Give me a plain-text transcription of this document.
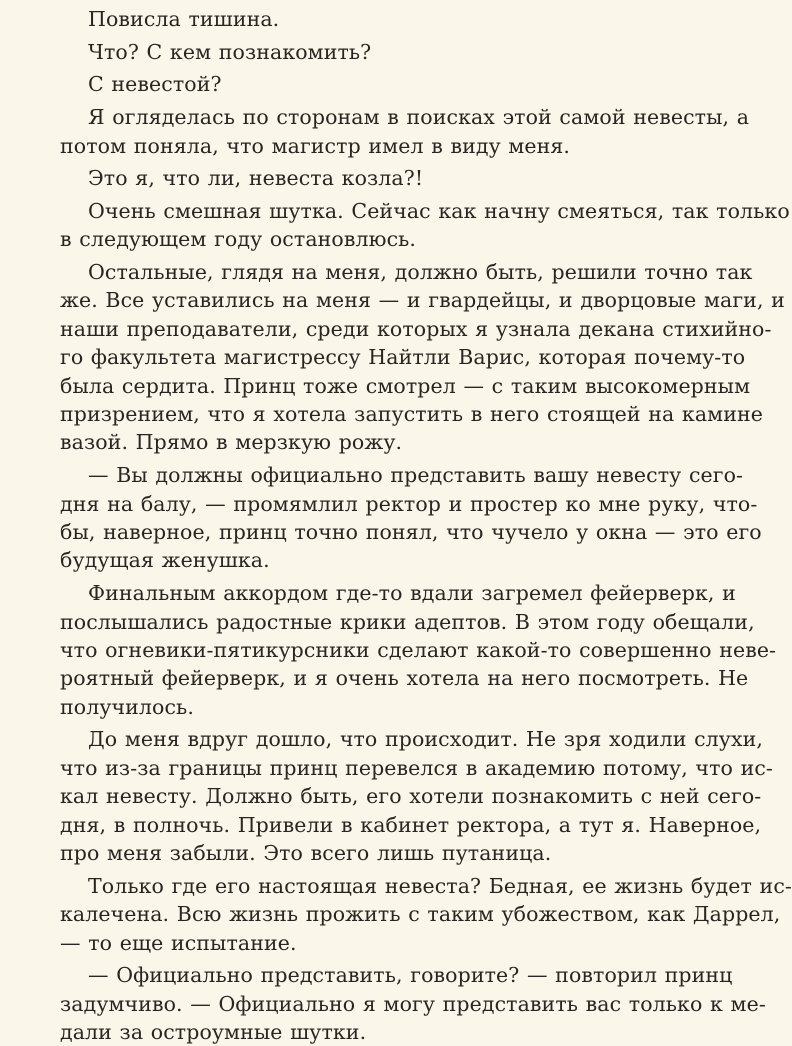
Повисла тишина.
Что? С кем познакомить?
С невестой?
Я огляделась по сторонам в поисках этой самой невесты, а
потом поняла, что магистр имел в виду меня.
Это я, что ли, невеста козла?!
Очень смешная шутка. Сейчас как начну смеяться, так только
в следующем году остановлюсь.
Остальные, глядя на меня, должно быть, решили точно так
же. Все уставились на меня — и гвардейцы, и дворцовые маги, и
наши преподаватели, среди которых я узнала декана стихийно-
го факультета магистрессу Найтли Варис, которая почему-то
была сердита. Принц тоже смотрел — с таким высокомерным
призрением, что я хотела запустить в него стоящей на камине
вазой. Прямо в мерзкую рожу.
— Вы должны официально представить вашу невесту сего-
дня на балу, — промямлил ректор и простер ко мне руку, что-
бы, наверное, принц точно понял, что чучело у окна — это его
будущая женушка.
Финальным аккордом где-то вдали загремел фейерверк, и
послышались радостные крики адептов. В этом году обещали,
что огневики-пятикурсники сделают какой-то совершенно неве-
роятный фейерверк, и я очень хотела на него посмотреть. Не
получилось.
До меня вдруг дошло, что происходит. Не зря ходили слухи,
что из-за границы принц перевелся в академию потому, что ис-
кал невесту. Должно быть, его хотели познакомить с ней сего-
дня, в полночь. Привели в кабинет ректора, а тут я. Наверное,
про меня забыли. Это всего лишь путаница.
Только где его настоящая невеста? Бедная, ее жизнь будет ис-
калечена. Всю жизнь прожить с таким убожеством, как Даррел,
— то еще испытание.
— Официально представить, говорите? — повторил принц
задумчиво. — Официально я могу представить вас только к ме-
дали за остроумные шутки.
